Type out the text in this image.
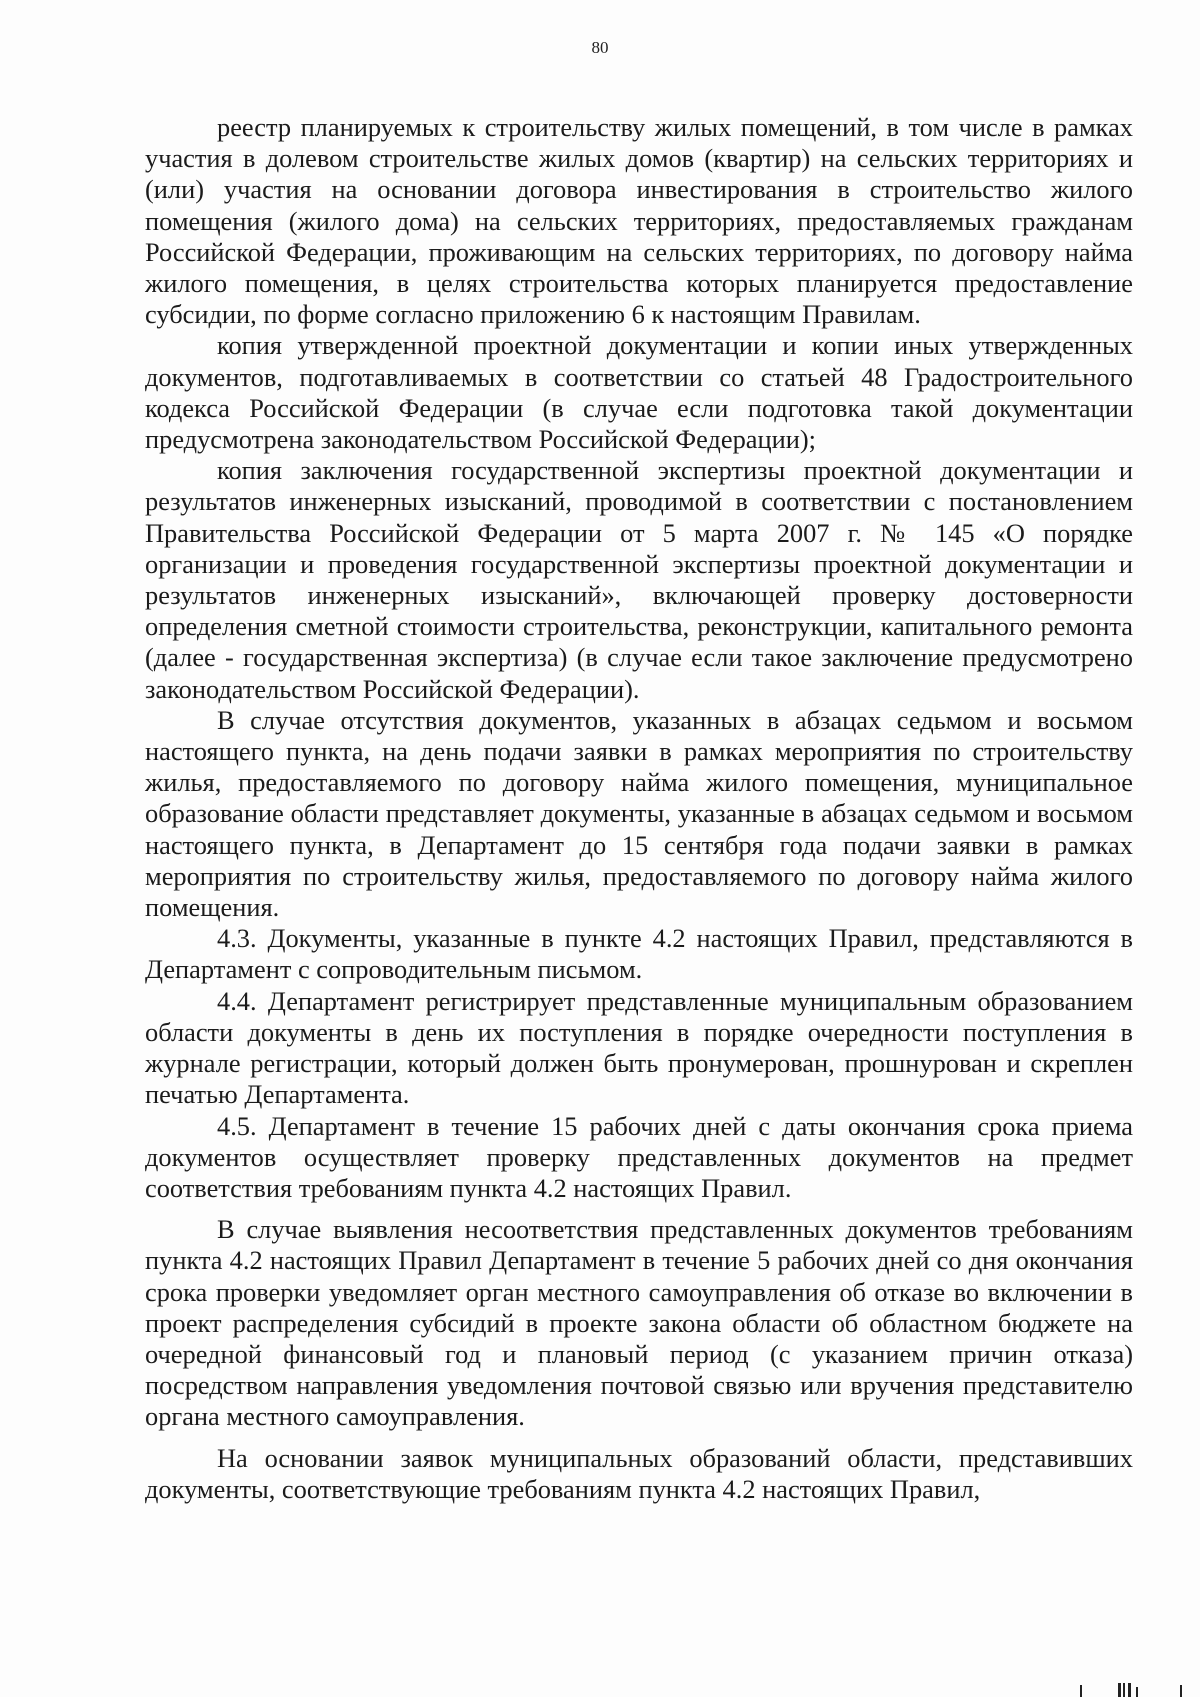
80

реестр планируемых к строительству жилых помещений, в том числе в рамках участия в долевом строительстве жилых домов (квартир) на сельских территориях и (или) участия на основании договора инвестирования в строительство жилого помещения (жилого дома) на сельских территориях, предоставляемых гражданам Российской Федерации, проживающим на сельских территориях, по договору найма жилого помещения, в целях строительства которых планируется предоставление субсидии, по форме согласно приложению 6 к настоящим Правилам.

копия утвержденной проектной документации и копии иных утвержденных документов, подготавливаемых в соответствии со статьей 48 Градостроительного кодекса Российской Федерации (в случае если подготовка такой документации предусмотрена законодательством Российской Федерации);

копия заключения государственной экспертизы проектной документации и результатов инженерных изысканий, проводимой в соответствии с постановлением Правительства Российской Федерации от 5 марта 2007 г. № 145 «О порядке организации и проведения государственной экспертизы проектной документации и результатов инженерных изысканий», включающей проверку достоверности определения сметной стоимости строительства, реконструкции, капитального ремонта (далее - государственная экспертиза) (в случае если такое заключение предусмотрено законодательством Российской Федерации).

В случае отсутствия документов, указанных в абзацах седьмом и восьмом настоящего пункта, на день подачи заявки в рамках мероприятия по строительству жилья, предоставляемого по договору найма жилого помещения, муниципальное образование области представляет документы, указанные в абзацах седьмом и восьмом настоящего пункта, в Департамент до 15 сентября года подачи заявки в рамках мероприятия по строительству жилья, предоставляемого по договору найма жилого помещения.

4.3. Документы, указанные в пункте 4.2 настоящих Правил, представляются в Департамент с сопроводительным письмом.

4.4. Департамент регистрирует представленные муниципальным образованием области документы в день их поступления в порядке очередности поступления в журнале регистрации, который должен быть пронумерован, прошнурован и скреплен печатью Департамента.

4.5. Департамент в течение 15 рабочих дней с даты окончания срока приема документов осуществляет проверку представленных документов на предмет соответствия требованиям пункта 4.2 настоящих Правил.

В случае выявления несоответствия представленных документов требованиям пункта 4.2 настоящих Правил Департамент в течение 5 рабочих дней со дня окончания срока проверки уведомляет орган местного самоуправления об отказе во включении в проект распределения субсидий в проекте закона области об областном бюджете на очередной финансовый год и плановый период (с указанием причин отказа) посредством направления уведомления почтовой связью или вручения представителю органа местного самоуправления.

На основании заявок муниципальных образований области, представивших документы, соответствующие требованиям пункта 4.2 настоящих Правил,
